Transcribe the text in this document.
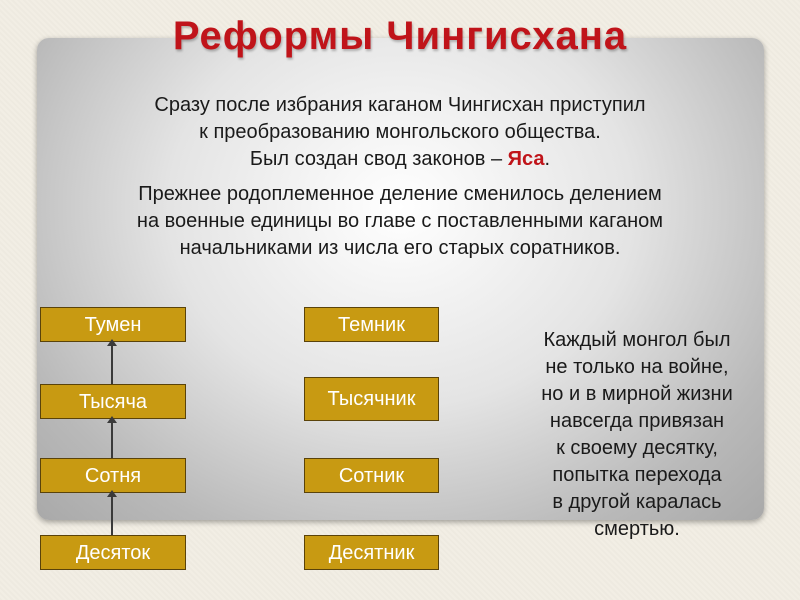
Реформы Чингисхана

Сразу после избрания каганом Чингисхан приступил

к преобразованию монгольского общества.

Был создан свод законов – Яса.

Прежнее родоплеменное деление сменилось делением

на военные единицы во главе с поставленными каганом

начальниками из числа его старых соратников.

Тумен
Тысяча
Сотня
Десяток
Темник
Тысячник
Сотник
Десятник
Каждый монгол был
не только на войне,
но и в мирной жизни
навсегда привязан
к своему десятку,
попытка перехода
в другой каралась
смертью.
